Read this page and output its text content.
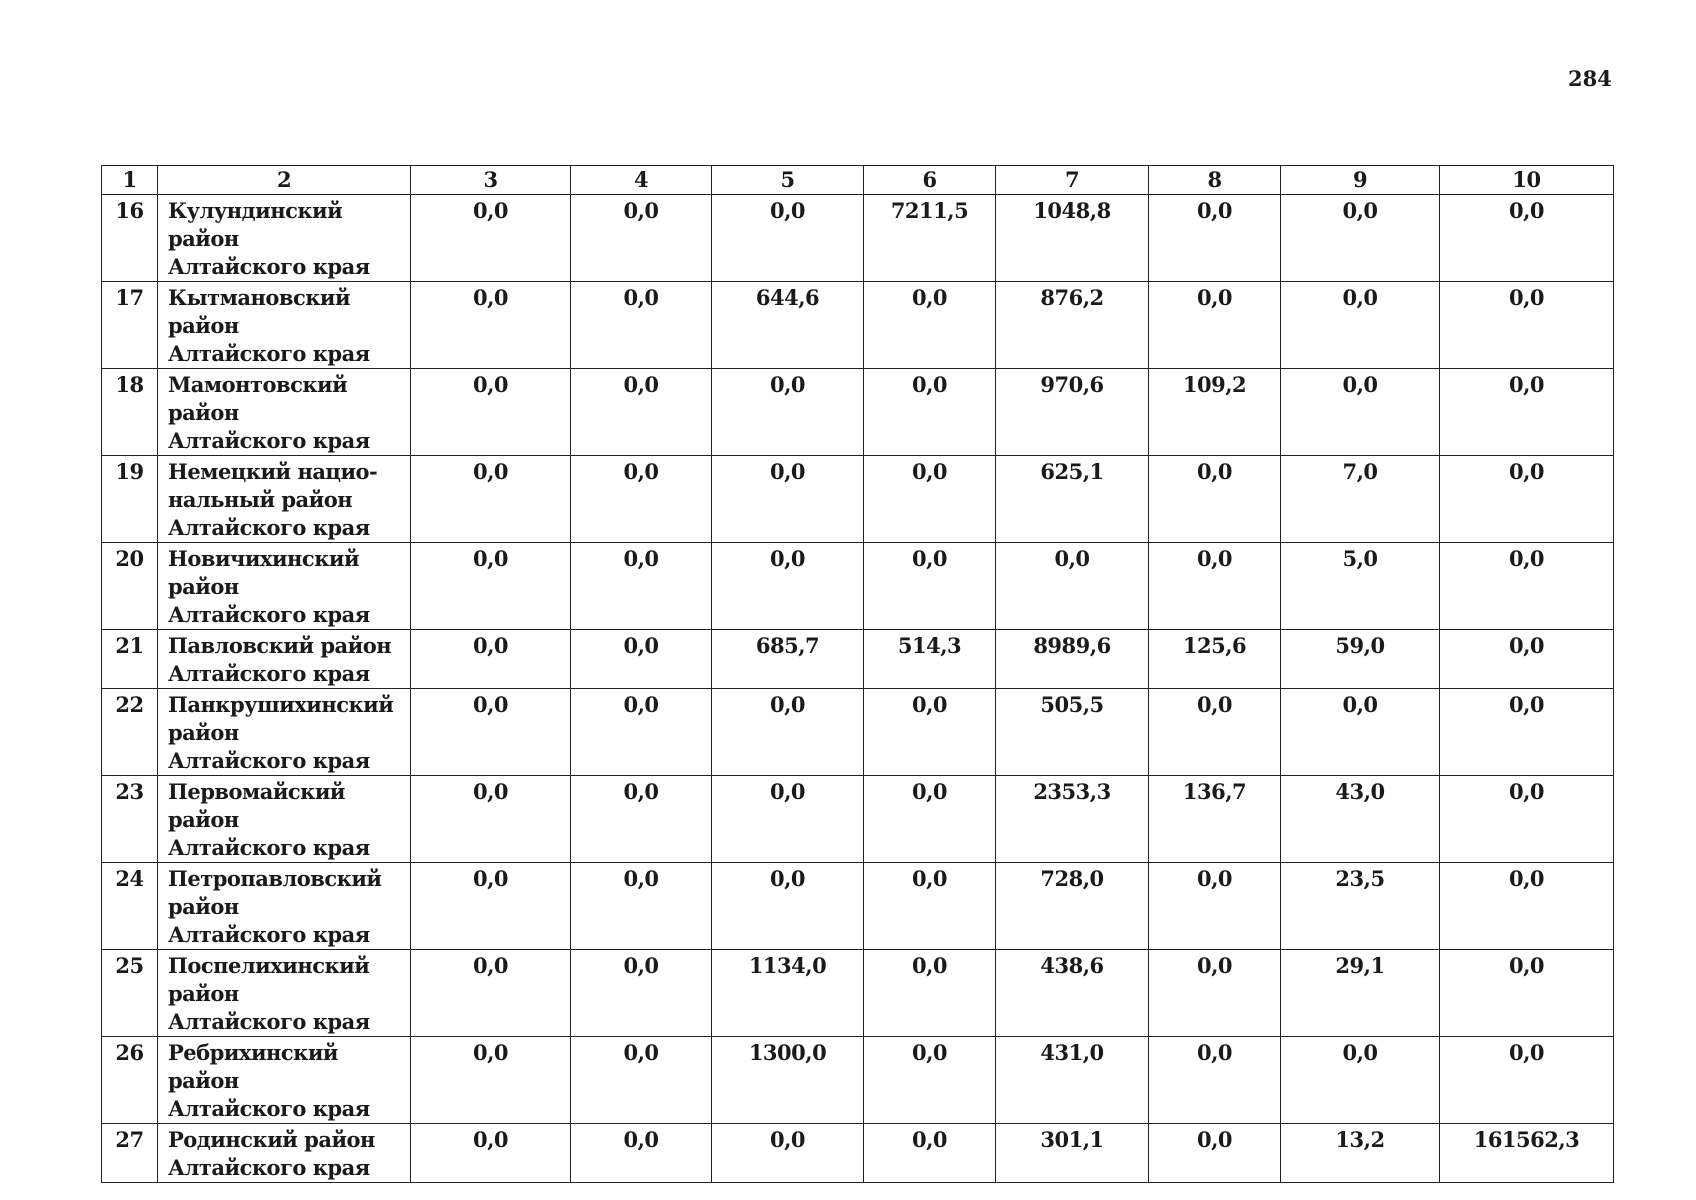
284
1	2	3	4	5	6	7	8	9	10
16	Кулундинский
район
Алтайского края	0,0	0,0	0,0	7211,5	1048,8	0,0	0,0	0,0
17	Кытмановский
район
Алтайского края	0,0	0,0	644,6	0,0	876,2	0,0	0,0	0,0
18	Мамонтовский
район
Алтайского края	0,0	0,0	0,0	0,0	970,6	109,2	0,0	0,0
19	Немецкий нацио-
нальный район
Алтайского края	0,0	0,0	0,0	0,0	625,1	0,0	7,0	0,0
20	Новичихинский
район
Алтайского края	0,0	0,0	0,0	0,0	0,0	0,0	5,0	0,0
21	Павловский район
Алтайского края	0,0	0,0	685,7	514,3	8989,6	125,6	59,0	0,0
22	Панкрушихинский
район
Алтайского края	0,0	0,0	0,0	0,0	505,5	0,0	0,0	0,0
23	Первомайский
район
Алтайского края	0,0	0,0	0,0	0,0	2353,3	136,7	43,0	0,0
24	Петропавловский
район
Алтайского края	0,0	0,0	0,0	0,0	728,0	0,0	23,5	0,0
25	Поспелихинский
район
Алтайского края	0,0	0,0	1134,0	0,0	438,6	0,0	29,1	0,0
26	Ребрихинский
район
Алтайского края	0,0	0,0	1300,0	0,0	431,0	0,0	0,0	0,0
27	Родинский район
Алтайского края	0,0	0,0	0,0	0,0	301,1	0,0	13,2	161562,3
